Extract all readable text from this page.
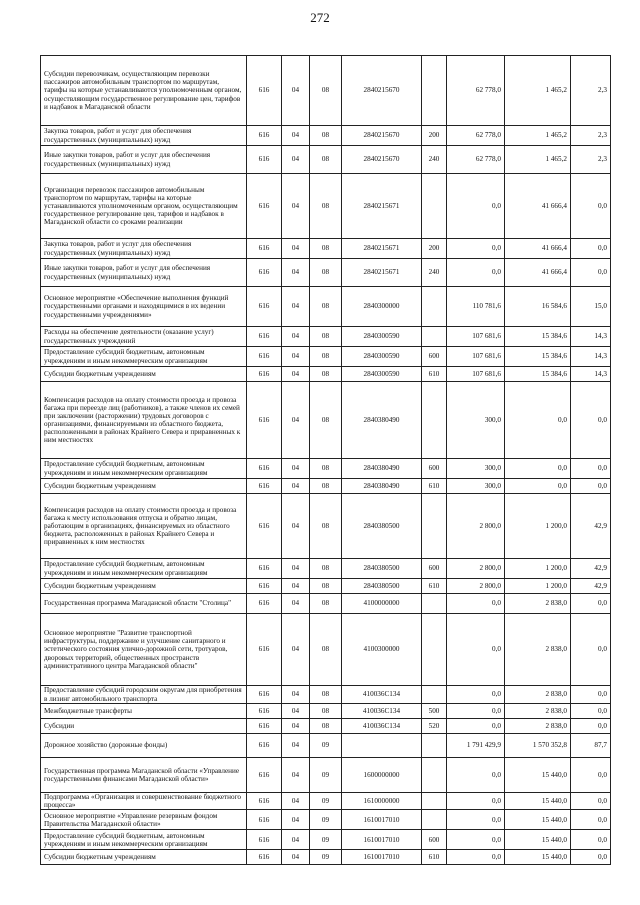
272
Субсидии перевозчикам, осуществляющим перевозки пассажиров автомобильным транспортом по маршрутам, тарифы на которые устанавливаются уполномоченным органом, осуществляющим государственное регулирование цен, тарифов и надбавок в Магаданской области	616	04	08	2840215670		62 778,0	1 465,2	2,3
Закупка товаров, работ и услуг для обеспечения государственных (муниципальных) нужд	616	04	08	2840215670	200	62 778,0	1 465,2	2,3
Иные закупки товаров, работ и услуг для обеспечения государственных (муниципальных) нужд	616	04	08	2840215670	240	62 778,0	1 465,2	2,3
Организация перевозок пассажиров автомобильным транспортом по маршрутам, тарифы на которые устанавливаются уполномоченным органом, осуществляющим государственное регулирование цен, тарифов и надбавок в Магаданской области со сроками реализации	616	04	08	2840215671		0,0	41 666,4	0,0
Закупка товаров, работ и услуг для обеспечения государственных (муниципальных) нужд	616	04	08	2840215671	200	0,0	41 666,4	0,0
Иные закупки товаров, работ и услуг для обеспечения государственных (муниципальных) нужд	616	04	08	2840215671	240	0,0	41 666,4	0,0
Основное мероприятие «Обеспечение выполнения функций государственными органами и находящимися в их ведении государственными учреждениями»	616	04	08	2840300000		110 781,6	16 584,6	15,0
Расходы на обеспечение деятельности (оказание услуг) государственных учреждений	616	04	08	2840300590		107 681,6	15 384,6	14,3
Предоставление субсидий бюджетным, автономным учреждениям и иным некоммерческим организациям	616	04	08	2840300590	600	107 681,6	15 384,6	14,3
Субсидии бюджетным учреждениям	616	04	08	2840300590	610	107 681,6	15 384,6	14,3
Компенсация расходов на оплату стоимости проезда и провоза багажа при переезде лиц (работников), а также членов их семей при заключении (расторжении) трудовых договоров с организациями, финансируемыми из областного бюджета, расположенными в районах Крайнего Севера и приравненных к ним местностях	616	04	08	2840380490		300,0	0,0	0,0
Предоставление субсидий бюджетным, автономным учреждениям и иным некоммерческим организациям	616	04	08	2840380490	600	300,0	0,0	0,0
Субсидии бюджетным учреждениям	616	04	08	2840380490	610	300,0	0,0	0,0
Компенсация расходов на оплату стоимости проезда и провоза багажа к месту использования отпуска и обратно лицам, работающим в организациях, финансируемых из областного бюджета, расположенных в районах Крайнего Севера и приравненных к ним местностях	616	04	08	2840380500		2 800,0	1 200,0	42,9
Предоставление субсидий бюджетным, автономным учреждениям и иным некоммерческим организациям	616	04	08	2840380500	600	2 800,0	1 200,0	42,9
Субсидии бюджетным учреждениям	616	04	08	2840380500	610	2 800,0	1 200,0	42,9
Государственная программа Магаданской области "Столица"	616	04	08	4100000000		0,0	2 838,0	0,0
Основное мероприятие "Развитие транспортной инфраструктуры, поддержание и улучшение санитарного и эстетического состояния улично-дорожной сети, тротуаров, дворовых территорий, общественных пространств административного центра Магаданской области"	616	04	08	4100300000		0,0	2 838,0	0,0
Предоставление субсидий городским округам для приобретения в лизинг автомобильного транспорта	616	04	08	410036С134		0,0	2 838,0	0,0
Межбюджетные трансферты	616	04	08	410036С134	500	0,0	2 838,0	0,0
Субсидии	616	04	08	410036С134	520	0,0	2 838,0	0,0
Дорожное хозяйство (дорожные фонды)	616	04	09			1 791 429,9	1 570 352,8	87,7
Государственная программа Магаданской области «Управление государственными финансами Магаданской области»	616	04	09	1600000000		0,0	15 440,0	0,0
Подпрограмма «Организация и совершенствование бюджетного процесса»	616	04	09	1610000000		0,0	15 440,0	0,0
Основное мероприятие «Управление резервным фондом Правительства Магаданской области»	616	04	09	1610017010		0,0	15 440,0	0,0
Предоставление субсидий бюджетным, автономным учреждениям и иным некоммерческим организациям	616	04	09	1610017010	600	0,0	15 440,0	0,0
Субсидии бюджетным учреждениям	616	04	09	1610017010	610	0,0	15 440,0	0,0
